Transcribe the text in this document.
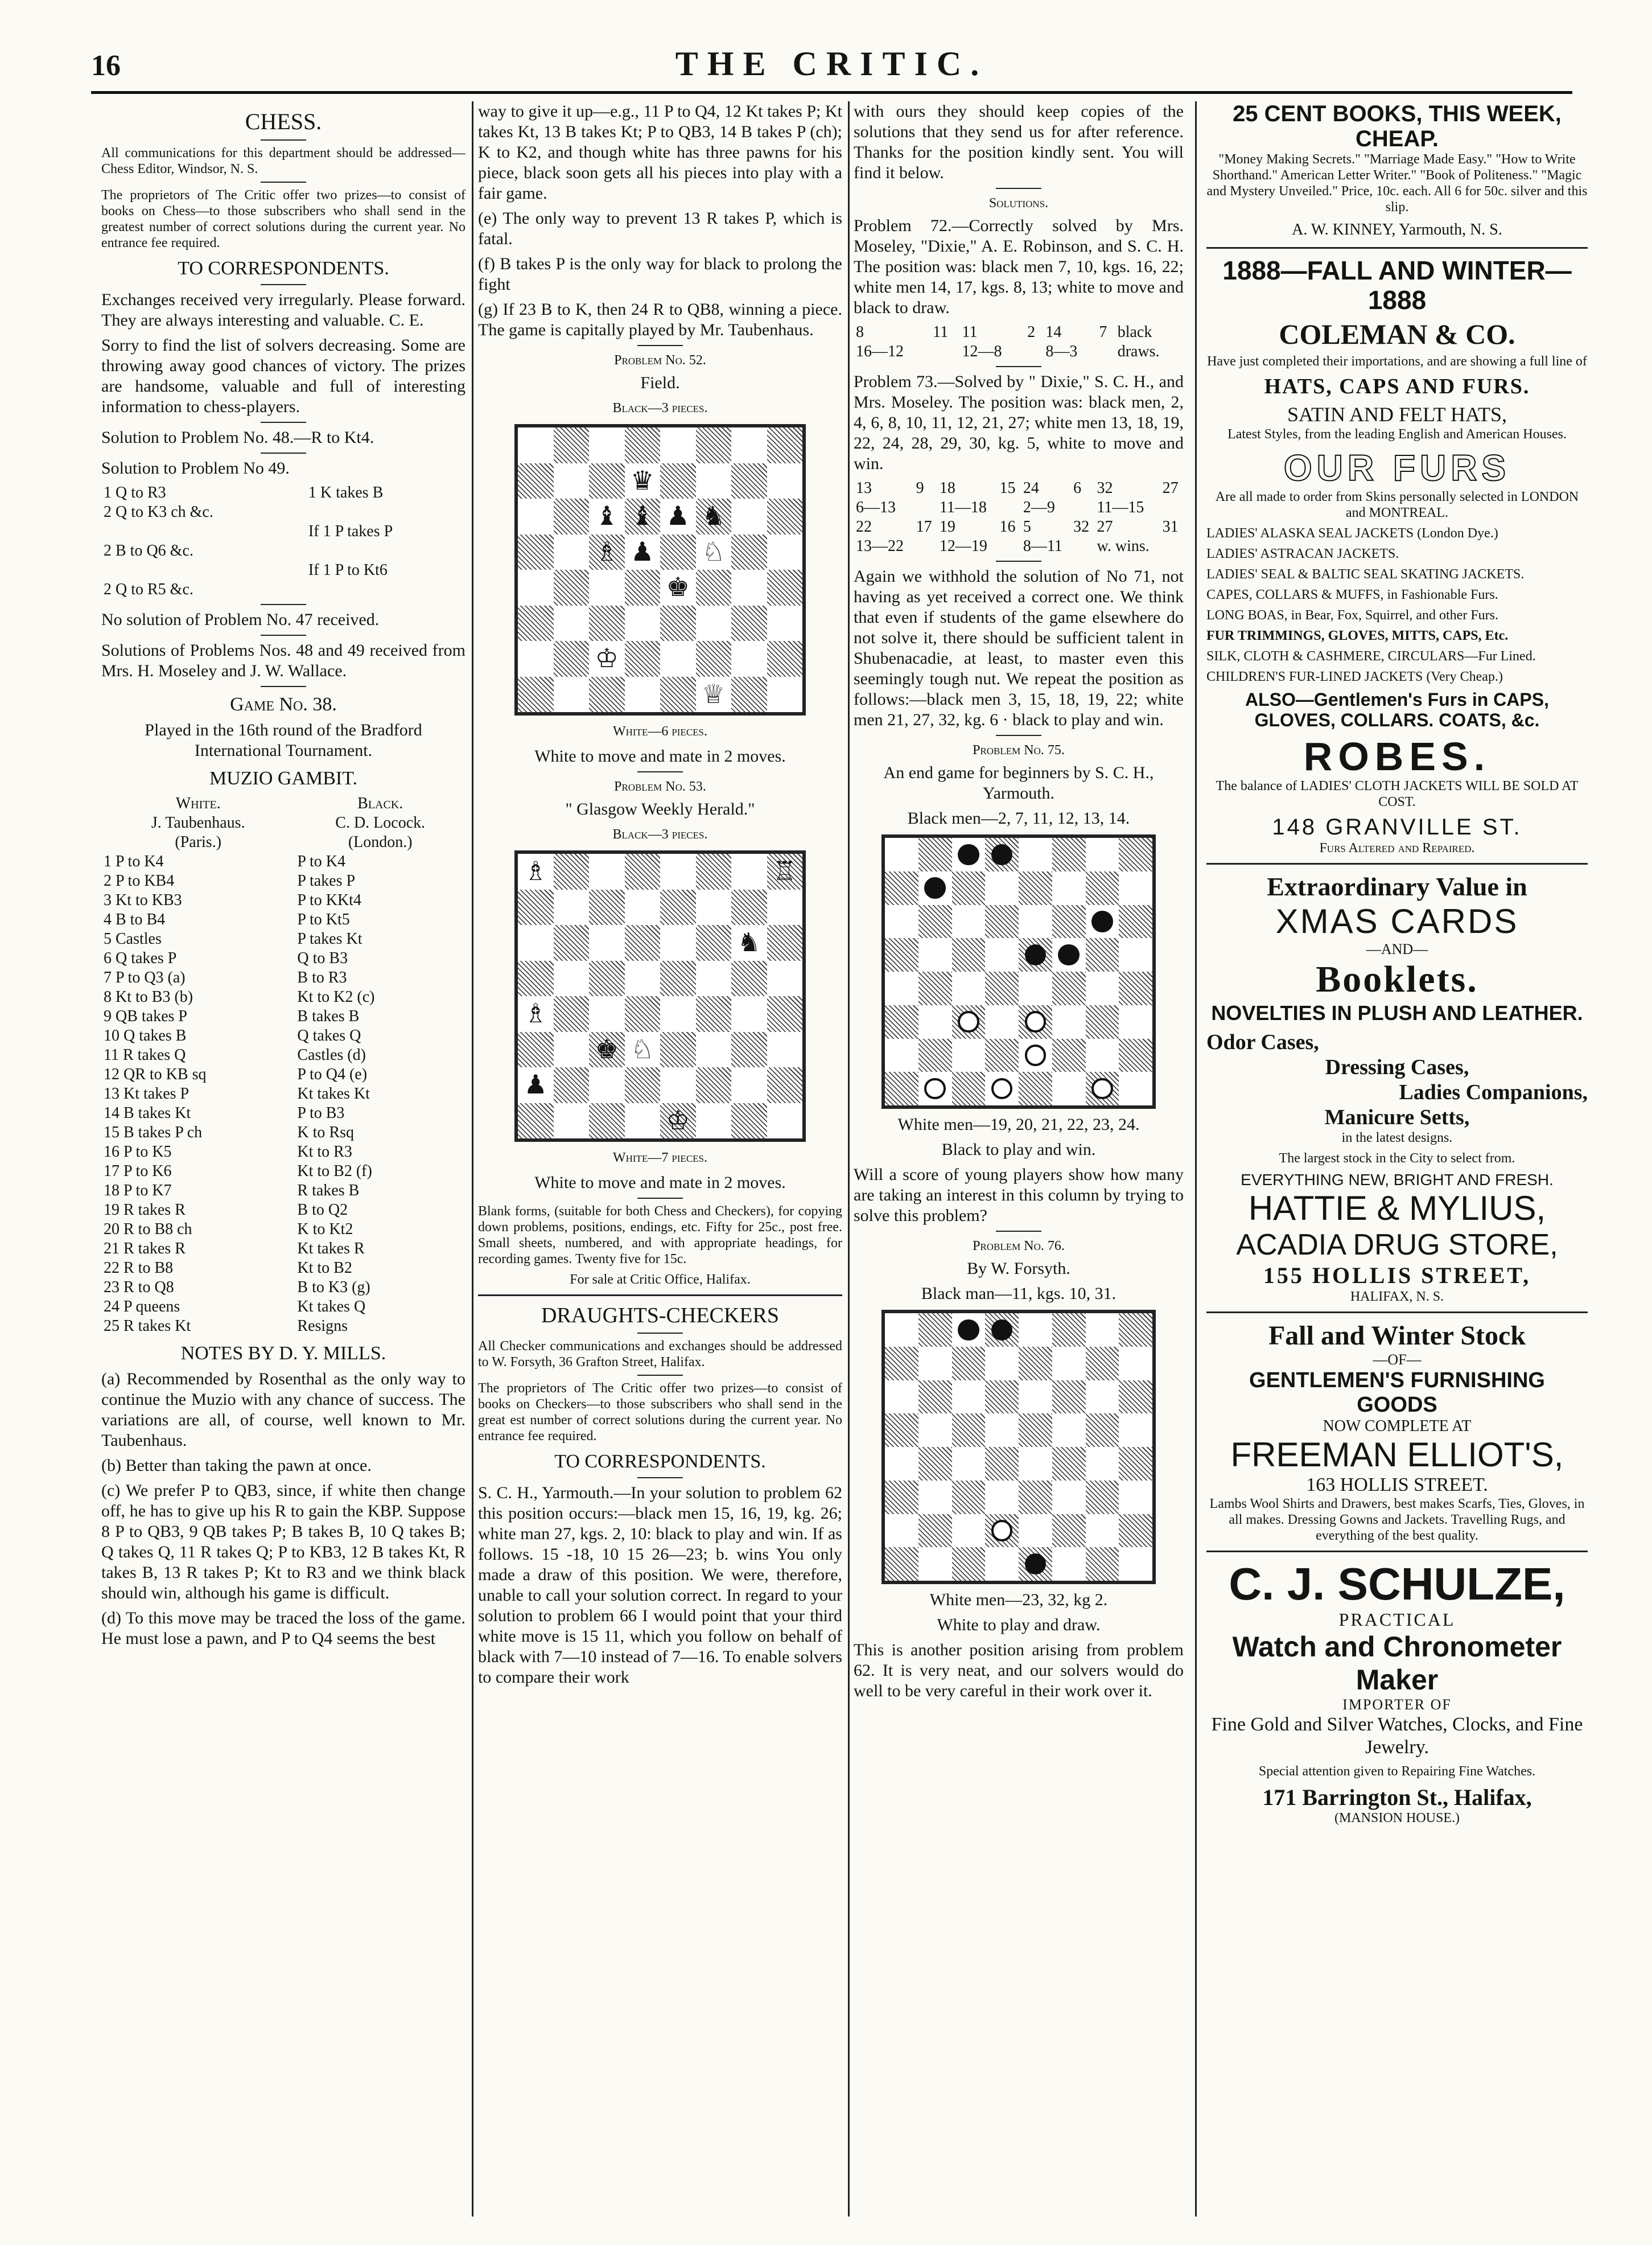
16	THE CRITIC.
CHESS.

All communications for this department should be addressed— Chess Editor, Windsor, N. S.

The proprietors of The Critic offer two prizes—to consist of books on Chess—to those subscribers who shall send in the greatest number of correct solutions during the current year. No entrance fee required.

TO CORRESPONDENTS.

Exchanges received very irregularly. Please forward. They are always interesting and valuable. C. E.

Sorry to find the list of solvers decreasing. Some are throwing away good chances of victory. The prizes are handsome, valuable and full of interesting information to chess-players.

Solution to Problem No. 48.—R to Kt4.

Solution to Problem No 49.

1 Q to R3	1 K takes B
2 Q to K3 ch &c.	
	If 1 P takes P
2 B to Q6 &c.	
	If 1 P to Kt6
2 Q to R5 &c.	

No solution of Problem No. 47 received.

Solutions of Problems Nos. 48 and 49 received from Mrs. H. Moseley and J. W. Wallace.

Game No. 38.

Played in the 16th round of the Bradford International Tournament.

MUZIO GAMBIT.
White.	Black.
J. Taubenhaus.	C. D. Locock.
(Paris.)	(London.)
1 P to K4	P to K4
2 P to KB4	P takes P
3 Kt to KB3	P to KKt4
4 B to B4	P to Kt5
5 Castles	P takes Kt
6 Q takes P	Q to B3
7 P to Q3 (a)	B to R3
8 Kt to B3 (b)	Kt to K2 (c)
9 QB takes P	B takes B
10 Q takes B	Q takes Q
11 R takes Q	Castles (d)
12 QR to KB sq	P to Q4 (e)
13 Kt takes P	Kt takes Kt
14 B takes Kt	P to B3
15 B takes P ch	K to Rsq
16 P to K5	Kt to R3
17 P to K6	Kt to B2 (f)
18 P to K7	R takes B
19 R takes R	B to Q2
20 R to B8 ch	K to Kt2
21 R takes R	Kt takes R
22 R to B8	Kt to B2
23 R to Q8	B to K3 (g)
24 P queens	Kt takes Q
25 R takes Kt	Resigns
NOTES BY D. Y. MILLS.

(a) Recommended by Rosenthal as the only way to continue the Muzio with any chance of success. The variations are all, of course, well known to Mr. Taubenhaus.

(b) Better than taking the pawn at once.

(c) We prefer P to QB3, since, if white then change off, he has to give up his R to gain the KBP. Suppose 8 P to QB3, 9 QB takes P; B takes B, 10 Q takes B; Q takes Q, 11 R takes Q; P to KB3, 12 B takes Kt, R takes B, 13 R takes P; Kt to R3 and we think black should win, although his game is difficult.

(d) To this move may be traced the loss of the game. He must lose a pawn, and P to Q4 seems the best

way to give it up—e.g., 11 P to Q4, 12 Kt takes P; Kt takes Kt, 13 B takes Kt; P to QB3, 14 B takes P (ch); K to K2, and though white has three pawns for his piece, black soon gets all his pieces into play with a fair game.

(e) The only way to prevent 13 R takes P, which is fatal.

(f) B takes P is the only way for black to prolong the fight

(g) If 23 B to K, then 24 R to QB8, winning a piece. The game is capitally played by Mr. Taubenhaus.

Problem No. 52.

Field.

Black—3 pieces.

♛
♝ ♝ ♟ ♞
♗ ♟ ♘
♚
♔
♕

White—6 pieces.

White to move and mate in 2 moves.

Problem No. 53.

" Glasgow Weekly Herald."

Black—3 pieces.

♗	♖
♞
♗
♚ ♘
♟
♔

White—7 pieces.

White to move and mate in 2 moves.

Blank forms, (suitable for both Chess and Checkers), for copying down problems, positions, endings, etc. Fifty for 25c., post free. Small sheets, numbered, and with appropriate headings, for recording games. Twenty five for 15c.

For sale at Critic Office, Halifax.

DRAUGHTS-CHECKERS

All Checker communications and exchanges should be addressed to W. Forsyth, 36 Grafton Street, Halifax.

The proprietors of The Critic offer two prizes—to consist of books on Checkers—to those subscribers who shall send in the great est number of correct solutions during the current year. No entrance fee required.

TO CORRESPONDENTS.

S. C. H., Yarmouth.—In your solution to problem 62 this position occurs:—black men 15, 16, 19, kg. 26; white man 27, kgs. 2, 10: black to play and win. If as follows. 15 -18, 10 15 26—23; b. wins You only made a draw of this position. We were, therefore, unable to call your solution correct. In regard to your solution to problem 66 I would point that your third white move is 15 11, which you follow on behalf of black with 7—10 instead of 7—16. To enable solvers to compare their work

with ours they should keep copies of the solutions that they send us for after reference. Thanks for the position kindly sent. You will find it below.

Solutions.

Problem 72.—Correctly solved by Mrs. Moseley, "Dixie," A. E. Robinson, and S. C. H. The position was: black men 7, 10, kgs. 16, 22; white men 14, 17, kgs. 8, 13; white to move and black to draw.

8	11	11	2	14	7	black
16—12		12—8		8—3		draws.

Problem 73.—Solved by " Dixie," S. C. H., and Mrs. Moseley. The position was: black men, 2, 4, 6, 8, 10, 11, 12, 21, 27; white men 13, 18, 19, 22, 24, 28, 29, 30, kg. 5, white to move and win.

13	9	18	15	24	6	32	27
6—13		11—18		2—9		11—15	
22	17	19	16	5	32	27	31
13—22		12—19		8—11		w. wins.	

Again we withhold the solution of No 71, not having as yet received a correct one. We think that even if students of the game elsewhere do not solve it, there should be sufficient talent in Shubenacadie, at least, to master even this seemingly tough nut. We repeat the position as follows:—black men 3, 15, 18, 19, 22; white men 21, 27, 32, kg. 6 · black to play and win.

Problem No. 75.

An end game for beginners by S. C. H., Yarmouth.

Black men—2, 7, 11, 12, 13, 14.

White men—19, 20, 21, 22, 23, 24.

Black to play and win.

Will a score of young players show how many are taking an interest in this column by trying to solve this problem?

Problem No. 76.

By W. Forsyth.

Black man—11, kgs. 10, 31.

White men—23, 32, kg 2.

White to play and draw.

This is another position arising from problem 62. It is very neat, and our solvers would do well to be very careful in their work over it.

25 CENT BOOKS, THIS WEEK, CHEAP.

"Money Making Secrets." "Marriage Made Easy." "How to Write Shorthand." American Letter Writer." "Book of Politeness." "Magic and Mystery Unveiled." Price, 10c. each. All 6 for 50c. silver and this slip.

A. W. KINNEY, Yarmouth, N. S.

1888—FALL AND WINTER—1888
COLEMAN & CO.

Have just completed their importations, and are showing a full line of

HATS, CAPS AND FURS.
SATIN AND FELT HATS,

Latest Styles, from the leading English and American Houses.

OUR FURS

Are all made to order from Skins personally selected in LONDON and MONTREAL.

LADIES' ALASKA SEAL JACKETS (London Dye.)

LADIES' ASTRACAN JACKETS.

LADIES' SEAL & BALTIC SEAL SKATING JACKETS.

CAPES, COLLARS & MUFFS, in Fashionable Furs.

LONG BOAS, in Bear, Fox, Squirrel, and other Furs.

FUR TRIMMINGS, GLOVES, MITTS, CAPS, Etc.

SILK, CLOTH & CASHMERE, CIRCULARS—Fur Lined.

CHILDREN'S FUR-LINED JACKETS (Very Cheap.)

ALSO—Gentlemen's Furs in CAPS, GLOVES, COLLARS. COATS, &c.

ROBES.

The balance of LADIES' CLOTH JACKETS WILL BE SOLD AT COST.

148 GRANVILLE ST.

Furs Altered and Repaired.

Extraordinary Value in
XMAS CARDS
—AND—
Booklets.
NOVELTIES IN PLUSH AND LEATHER.
Odor Cases,
Dressing Cases,
Ladies Companions,
Manicure Setts,

in the latest designs.

The largest stock in the City to select from.

EVERYTHING NEW, BRIGHT AND FRESH.
HATTIE & MYLIUS,
ACADIA DRUG STORE,
155 HOLLIS STREET,

HALIFAX, N. S.

Fall and Winter Stock
—OF—
GENTLEMEN'S FURNISHING GOODS
NOW COMPLETE AT
FREEMAN ELLIOT'S,
163 HOLLIS STREET.

Lambs Wool Shirts and Drawers, best makes Scarfs, Ties, Gloves, in all makes. Dressing Gowns and Jackets. Travelling Rugs, and everything of the best quality.

C. J. SCHULZE,
PRACTICAL
Watch and Chronometer Maker
IMPORTER OF

Fine Gold and Silver Watches, Clocks, and Fine Jewelry.

Special attention given to Repairing Fine Watches.

171 Barrington St., Halifax,
(MANSION HOUSE.)
